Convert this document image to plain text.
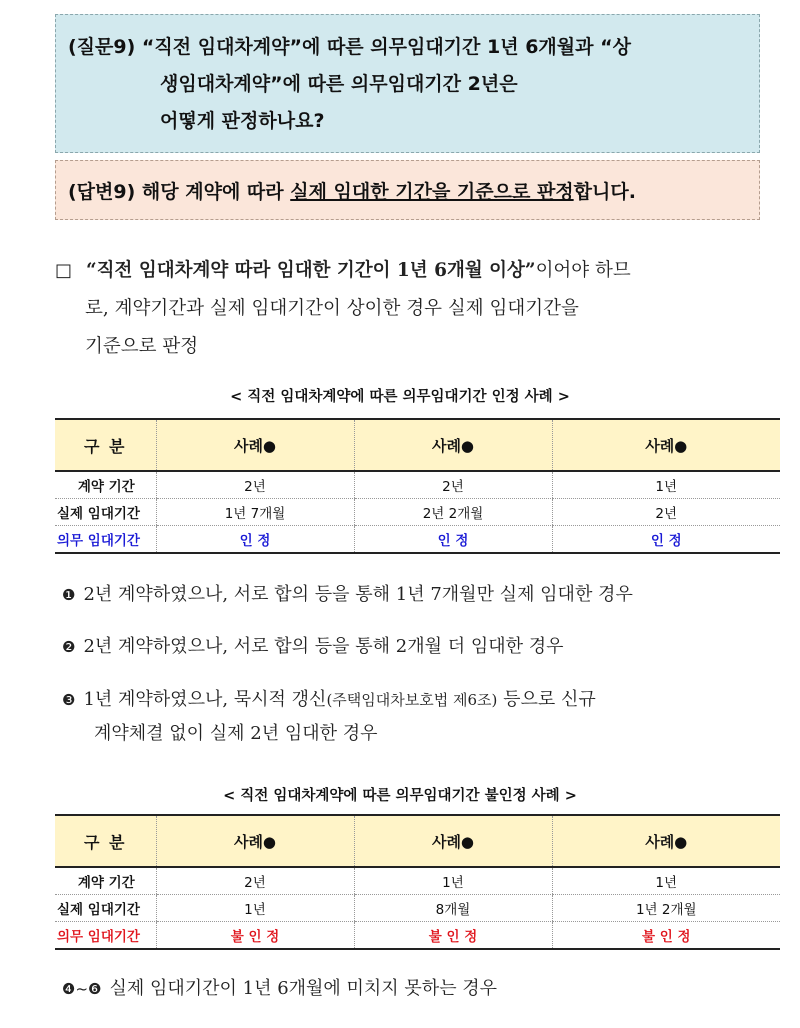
(질문9) “직전 임대차계약”에 따른 의무임대기간 1년 6개월과 “상
생임대차계약”에 따른 의무임대기간 2년은
어떻게 판정하나요?
(답변9) 해당 계약에 따라 실제 임대한 기간을 기준으로 판정합니다.
□ “직전 임대차계약 따라 임대한 기간이 1년 6개월 이상”이어야 하므
로, 계약기간과 실제 임대기간이 상이한 경우 실제 임대기간을
기준으로 판정
< 직전 임대차계약에 따른 의무임대기간 인정 사례 >
구 분	사례●	사례●	사례●
계약 기간	2년	2년	1년
실제 임대기간	1년 7개월	2년 2개월	2년
의무 임대기간	인 정	인 정	인 정
❶ 2년 계약하였으나, 서로 합의 등을 통해 1년 7개월만 실제 임대한 경우
❷ 2년 계약하였으나, 서로 합의 등을 통해 2개월 더 임대한 경우
❸ 1년 계약하였으나, 묵시적 갱신(주택임대차보호법 제6조) 등으로 신규
계약체결 없이 실제 2년 임대한 경우
< 직전 임대차계약에 따른 의무임대기간 불인정 사례 >
구 분	사례●	사례●	사례●
계약 기간	2년	1년	1년
실제 임대기간	1년	8개월	1년 2개월
의무 임대기간	불 인 정	불 인 정	불 인 정
❹~❻ 실제 임대기간이 1년 6개월에 미치지 못하는 경우
